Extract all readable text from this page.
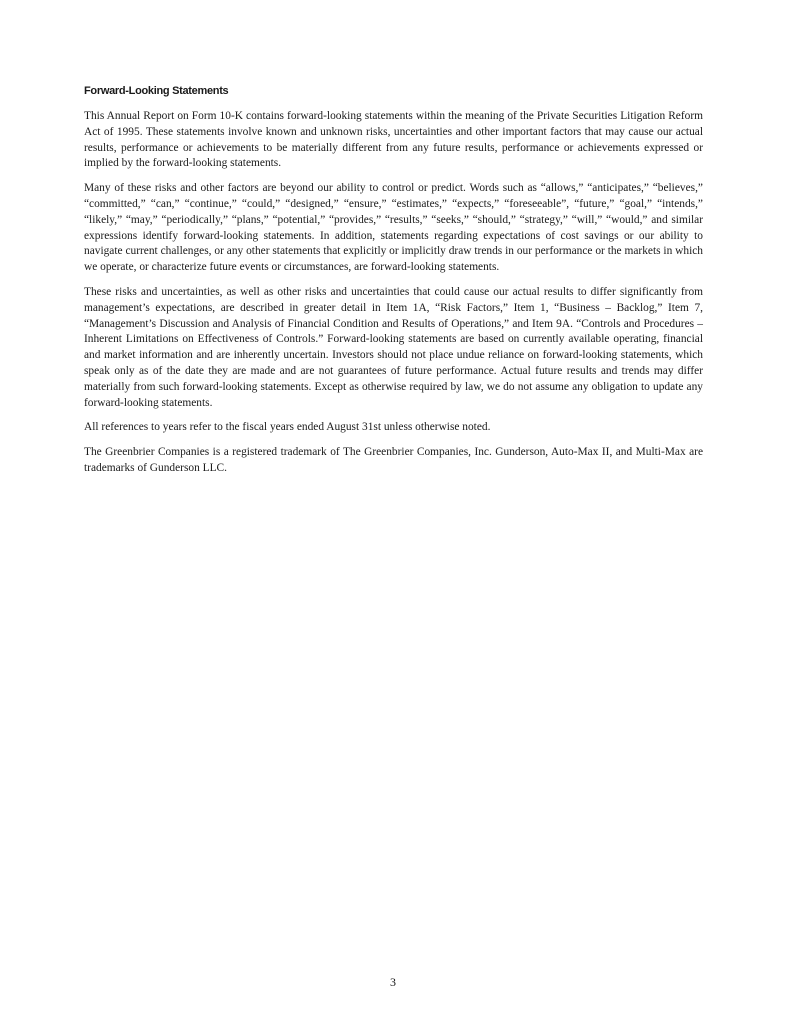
Forward-Looking Statements

This Annual Report on Form 10-K contains forward-looking statements within the meaning of the Private Securities Litigation Reform Act of 1995. These statements involve known and unknown risks, uncertainties and other important factors that may cause our actual results, performance or achievements to be materially different from any future results, performance or achievements expressed or implied by the forward-looking statements.

Many of these risks and other factors are beyond our ability to control or predict. Words such as “allows,” “anticipates,” “believes,” “committed,” “can,” “continue,” “could,” “designed,” “ensure,” “estimates,” “expects,” “foreseeable”, “future,” “goal,” “intends,” “likely,” “may,” “periodically,” “plans,” “potential,” “provides,” “results,” “seeks,” “should,” “strategy,” “will,” “would,” and similar expressions identify forward-looking statements. In addition, statements regarding expectations of cost savings or our ability to navigate current challenges, or any other statements that explicitly or implicitly draw trends in our performance or the markets in which we operate, or characterize future events or circumstances, are forward-looking statements.

These risks and uncertainties, as well as other risks and uncertainties that could cause our actual results to differ significantly from management’s expectations, are described in greater detail in Item 1A, “Risk Factors,” Item 1, “Business – Backlog,” Item 7, “Management’s Discussion and Analysis of Financial Condition and Results of Operations,” and Item 9A. “Controls and Procedures – Inherent Limitations on Effectiveness of Controls.” Forward-looking statements are based on currently available operating, financial and market information and are inherently uncertain. Investors should not place undue reliance on forward-looking statements, which speak only as of the date they are made and are not guarantees of future performance. Actual future results and trends may differ materially from such forward-looking statements. Except as otherwise required by law, we do not assume any obligation to update any forward-looking statements.

All references to years refer to the fiscal years ended August 31st unless otherwise noted.

The Greenbrier Companies is a registered trademark of The Greenbrier Companies, Inc. Gunderson, Auto-Max II, and Multi-Max are trademarks of Gunderson LLC.

3
